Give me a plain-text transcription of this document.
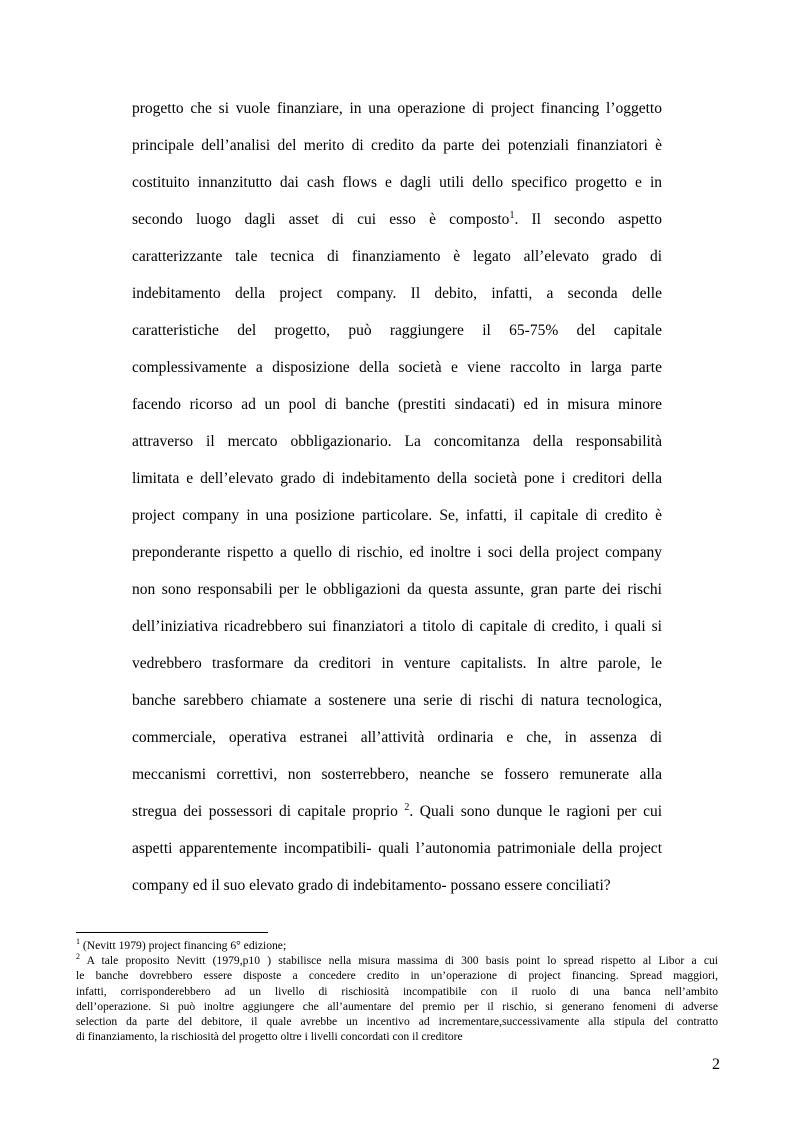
progetto che si vuole finanziare, in una operazione di project financing l’oggetto
principale dell’analisi del merito di credito da parte dei potenziali finanziatori è
costituito innanzitutto dai cash flows e dagli utili dello specifico progetto e in
secondo luogo dagli asset di cui esso è composto$^1$. Il secondo aspetto
caratterizzante tale tecnica di finanziamento è legato all’elevato grado di
indebitamento della project company. Il debito, infatti, a seconda delle
caratteristiche del progetto, può raggiungere il 65-75% del capitale
complessivamente a disposizione della società e viene raccolto in larga parte
facendo ricorso ad un pool di banche (prestiti sindacati) ed in misura minore
attraverso il mercato obbligazionario. La concomitanza della responsabilità
limitata e dell’elevato grado di indebitamento della società pone i creditori della
project company in una posizione particolare. Se, infatti, il capitale di credito è
preponderante rispetto a quello di rischio, ed inoltre i soci della project company
non sono responsabili per le obbligazioni da questa assunte, gran parte dei rischi
dell’iniziativa ricadrebbero sui finanziatori a titolo di capitale di credito, i quali si
vedrebbero trasformare da creditori in venture capitalists. In altre parole, le
banche sarebbero chiamate a sostenere una serie di rischi di natura tecnologica,
commerciale, operativa estranei all’attività ordinaria e che, in assenza di
meccanismi correttivi, non sosterrebbero, neanche se fossero remunerate alla
stregua dei possessori di capitale proprio $^2$. Quali sono dunque le ragioni per cui
aspetti apparentemente incompatibili- quali l’autonomia patrimoniale della project
company ed il suo elevato grado di indebitamento- possano essere conciliati?
$^1$ (Nevitt 1979) project financing 6° edizione;
$^2$ A tale proposito Nevitt (1979,p10 ) stabilisce nella misura massima di 300 basis point lo spread rispetto al Libor a cui
le banche dovrebbero essere disposte a concedere credito in un’operazione di project financing. Spread maggiori,
infatti, corrisponderebbero ad un livello di rischiosità incompatibile con il ruolo di una banca nell’ambito
dell’operazione. Si può inoltre aggiungere che all’aumentare del premio per il rischio, si generano fenomeni di adverse
selection da parte del debitore, il quale avrebbe un incentivo ad incrementare,successivamente alla stipula del contratto
di finanziamento, la rischiosità del progetto oltre i livelli concordati con il creditore
2
